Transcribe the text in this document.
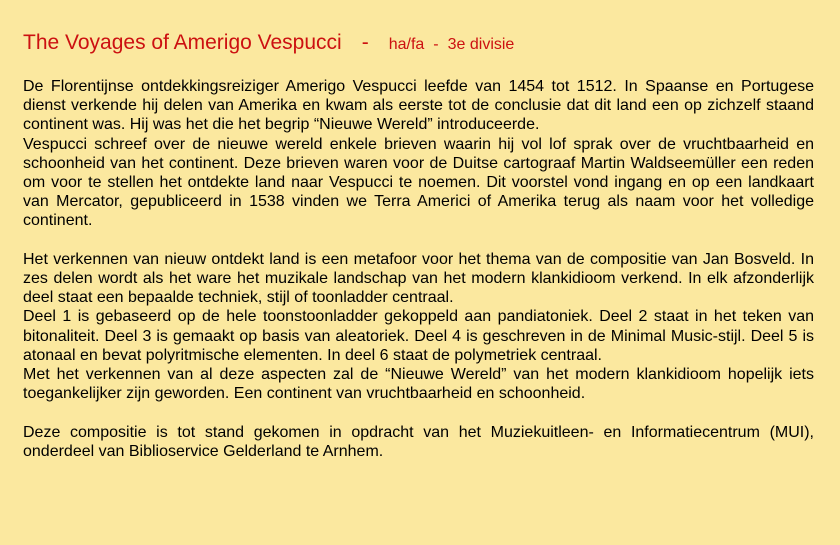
The Voyages of Amerigo Vespucci - ha/fa - 3e divisie

De Florentijnse ontdekkingsreiziger Amerigo Vespucci leefde van 1454 tot 1512. In Spaanse en Portugese dienst verkende hij delen van Amerika en kwam als eerste tot de conclusie dat dit land een op zichzelf staand continent was. Hij was het die het begrip “Nieuwe Wereld” introduceerde.

Vespucci schreef over de nieuwe wereld enkele brieven waarin hij vol lof sprak over de vruchtbaarheid en schoonheid van het continent. Deze brieven waren voor de Duitse cartograaf Martin Waldseemüller een reden om voor te stellen het ontdekte land naar Vespucci te noemen. Dit voorstel vond ingang en op een landkaart van Mercator, gepubliceerd in 1538 vinden we Terra Americi of Amerika terug als naam voor het volledige continent.

Het verkennen van nieuw ontdekt land is een metafoor voor het thema van de compositie van Jan Bosveld. In zes delen wordt als het ware het muzikale landschap van het modern klankidioom verkend. In elk afzonderlijk deel staat een bepaalde techniek, stijl of toonladder centraal.

Deel 1 is gebaseerd op de hele toonstoonladder gekoppeld aan pandiatoniek. Deel 2 staat in het teken van bitonaliteit. Deel 3 is gemaakt op basis van aleatoriek. Deel 4 is geschreven in de Minimal Music-stijl. Deel 5 is atonaal en bevat polyritmische elementen. In deel 6 staat de polymetriek centraal.

Met het verkennen van al deze aspecten zal de “Nieuwe Wereld” van het modern klankidioom hopelijk iets toegankelijker zijn geworden. Een continent van vruchtbaarheid en schoonheid.

Deze compositie is tot stand gekomen in opdracht van het Muziekuitleen- en Informatiecentrum (MUI), onderdeel van Biblioservice Gelderland te Arnhem.
